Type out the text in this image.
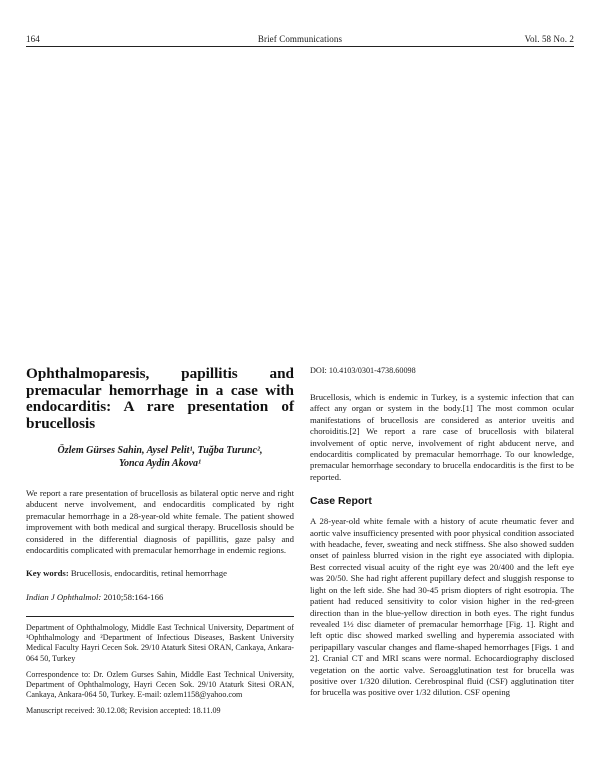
164	Brief Communications	Vol. 58 No. 2
Ophthalmoparesis, papillitis and premacular hemorrhage in a case with endocarditis: A rare presentation of brucellosis
Özlem Gürses Sahin, Aysel Pelit¹, Tuğba Turunc²,
Yonca Aydin Akova¹

We report a rare presentation of brucellosis as bilateral optic nerve and right abducent nerve involvement, and endocarditis complicated by right premacular hemorrhage in a 28-year-old white female. The patient showed improvement with both medical and surgical therapy. Brucellosis should be considered in the differential diagnosis of papillitis, gaze palsy and endocarditis complicated with premacular hemorrhage in endemic regions.

Key words: Brucellosis, endocarditis, retinal hemorrhage

Indian J Ophthalmol: 2010;58:164-166

Department of Ophthalmology, Middle East Technical University, Department of ¹Ophthalmology and ²Department of Infectious Diseases, Baskent University Medical Faculty Hayri Cecen Sok. 29/10 Ataturk Sitesi ORAN, Cankaya, Ankara-064 50, Turkey

Correspondence to: Dr. Ozlem Gurses Sahin, Middle East Technical University, Department of Ophthalmology, Hayri Cecen Sok. 29/10 Ataturk Sitesi ORAN, Cankaya, Ankara-064 50, Turkey. E-mail: ozlem1158@yahoo.com

Manuscript received: 30.12.08; Revision accepted: 18.11.09

DOI: 10.4103/0301-4738.60098

Brucellosis, which is endemic in Turkey, is a systemic infection that can affect any organ or system in the body.[1] The most common ocular manifestations of brucellosis are considered as anterior uveitis and choroiditis.[2] We report a rare case of brucellosis with bilateral involvement of optic nerve, involvement of right abducent nerve, and endocarditis complicated by premacular hemorrhage. To our knowledge, premacular hemorrhage secondary to brucella endocarditis is the first to be reported.

Case Report

A 28-year-old white female with a history of acute rheumatic fever and aortic valve insufficiency presented with poor physical condition associated with headache, fever, sweating and neck stiffness. She also showed sudden onset of painless blurred vision in the right eye associated with diplopia. Best corrected visual acuity of the right eye was 20/400 and the left eye was 20/50. She had right afferent pupillary defect and sluggish response to light on the left side. She had 30-45 prism diopters of right esotropia. The patient had reduced sensitivity to color vision higher in the red-green direction than in the blue-yellow direction in both eyes. The right fundus revealed 1½ disc diameter of premacular hemorrhage [Fig. 1]. Right and left optic disc showed marked swelling and hyperemia associated with peripapillary vascular changes and flame-shaped hemorrhages [Figs. 1 and 2]. Cranial CT and MRI scans were normal. Echocardiography disclosed vegetation on the aortic valve. Seroagglutination test for brucella was positive over 1/320 dilution. Cerebrospinal fluid (CSF) agglutination titer for brucella was positive over 1/32 dilution. CSF opening
